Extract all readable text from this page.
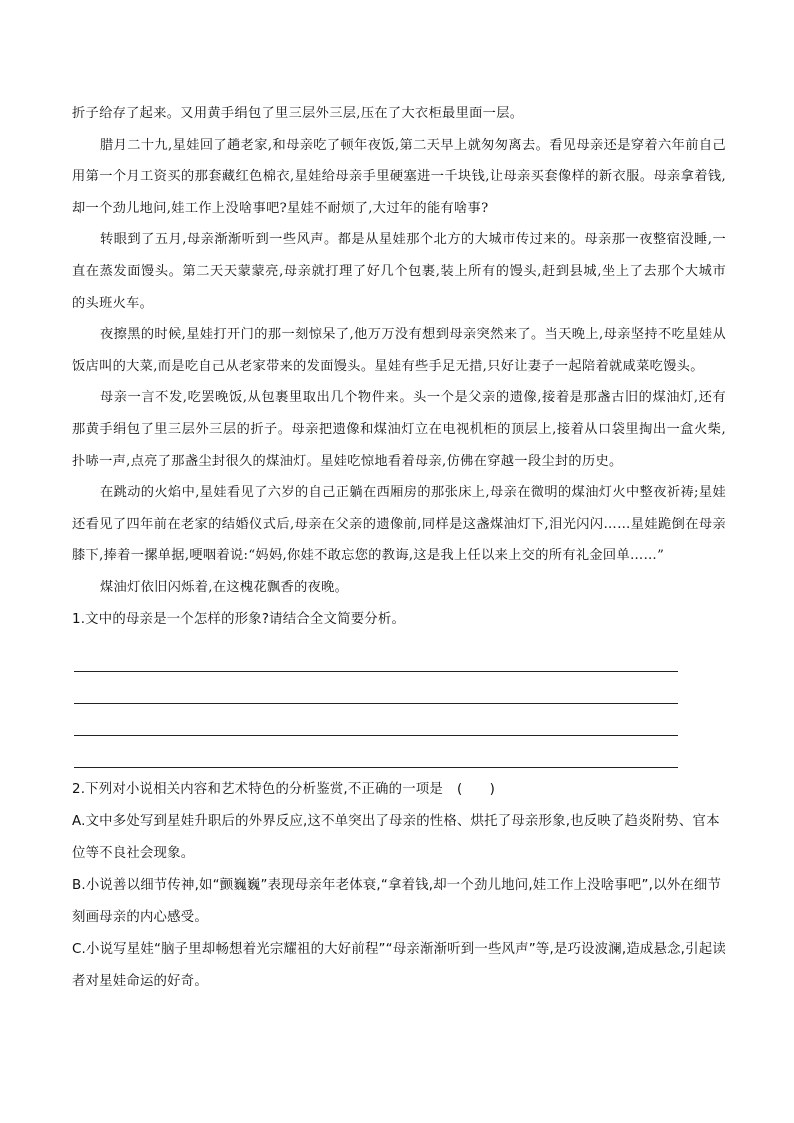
折子给存了起来。又用黄手绢包了里三层外三层,压在了大衣柜最里面一层。

腊月二十九,星娃回了趟老家,和母亲吃了顿年夜饭,第二天早上就匆匆离去。看见母亲还是穿着六年前自己用第一个月工资买的那套藏红色棉衣,星娃给母亲手里硬塞进一千块钱,让母亲买套像样的新衣服。母亲拿着钱,却一个劲儿地问,娃工作上没啥事吧?星娃不耐烦了,大过年的能有啥事?

转眼到了五月,母亲渐渐听到一些风声。都是从星娃那个北方的大城市传过来的。母亲那一夜整宿没睡,一直在蒸发面馒头。第二天天蒙蒙亮,母亲就打理了好几个包裹,装上所有的馒头,赶到县城,坐上了去那个大城市的头班火车。

夜擦黑的时候,星娃打开门的那一刻惊呆了,他万万没有想到母亲突然来了。当天晚上,母亲坚持不吃星娃从饭店叫的大菜,而是吃自己从老家带来的发面馒头。星娃有些手足无措,只好让妻子一起陪着就咸菜吃馒头。

母亲一言不发,吃罢晚饭,从包裹里取出几个物件来。头一个是父亲的遗像,接着是那盏古旧的煤油灯,还有那黄手绢包了里三层外三层的折子。母亲把遗像和煤油灯立在电视机柜的顶层上,接着从口袋里掏出一盒火柴,扑哧一声,点亮了那盏尘封很久的煤油灯。星娃吃惊地看着母亲,仿佛在穿越一段尘封的历史。

在跳动的火焰中,星娃看见了六岁的自己正躺在西厢房的那张床上,母亲在微明的煤油灯火中整夜祈祷;星娃还看见了四年前在老家的结婚仪式后,母亲在父亲的遗像前,同样是这盏煤油灯下,泪光闪闪……星娃跪倒在母亲膝下,捧着一摞单据,哽咽着说:“妈妈,你娃不敢忘您的教诲,这是我上任以来上交的所有礼金回单……”

煤油灯依旧闪烁着,在这槐花飘香的夜晚。

1.文中的母亲是一个怎样的形象?请结合全文简要分析。

2.下列对小说相关内容和艺术特色的分析鉴赏,不正确的一项是 (　　)

A.文中多处写到星娃升职后的外界反应,这不单突出了母亲的性格、烘托了母亲形象,也反映了趋炎附势、官本位等不良社会现象。

B.小说善以细节传神,如“颤巍巍”表现母亲年老体衰,“拿着钱,却一个劲儿地问,娃工作上没啥事吧”,以外在细节刻画母亲的内心感受。

C.小说写星娃“脑子里却畅想着光宗耀祖的大好前程”“母亲渐渐听到一些风声”等,是巧设波澜,造成悬念,引起读者对星娃命运的好奇。
